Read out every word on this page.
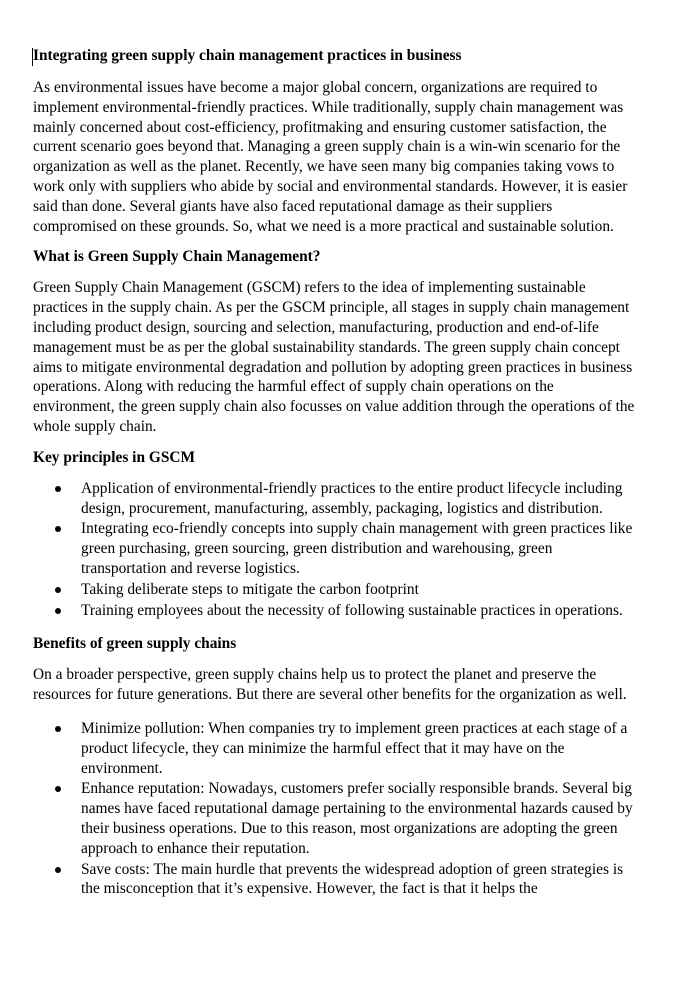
Integrating green supply chain management practices in business

As environmental issues have become a major global concern, organizations are required to implement environmental-friendly practices. While traditionally, supply chain management was mainly concerned about cost-efficiency, profitmaking and ensuring customer satisfaction, the current scenario goes beyond that. Managing a green supply chain is a win-win scenario for the organization as well as the planet. Recently, we have seen many big companies taking vows to work only with suppliers who abide by social and environmental standards. However, it is easier said than done. Several giants have also faced reputational damage as their suppliers compromised on these grounds. So, what we need is a more practical and sustainable solution.

What is Green Supply Chain Management?

Green Supply Chain Management (GSCM) refers to the idea of implementing sustainable practices in the supply chain. As per the GSCM principle, all stages in supply chain management including product design, sourcing and selection, manufacturing, production and end-of-life management must be as per the global sustainability standards. The green supply chain concept aims to mitigate environmental degradation and pollution by adopting green practices in business operations. Along with reducing the harmful effect of supply chain operations on the environment, the green supply chain also focusses on value addition through the operations of the whole supply chain.

Key principles in GSCM
Application of environmental-friendly practices to the entire product lifecycle including design, procurement, manufacturing, assembly, packaging, logistics and distribution.
Integrating eco-friendly concepts into supply chain management with green practices like green purchasing, green sourcing, green distribution and warehousing, green transportation and reverse logistics.
Taking deliberate steps to mitigate the carbon footprint
Training employees about the necessity of following sustainable practices in operations.
Benefits of green supply chains

On a broader perspective, green supply chains help us to protect the planet and preserve the resources for future generations. But there are several other benefits for the organization as well.

Minimize pollution: When companies try to implement green practices at each stage of a product lifecycle, they can minimize the harmful effect that it may have on the environment.
Enhance reputation: Nowadays, customers prefer socially responsible brands. Several big names have faced reputational damage pertaining to the environmental hazards caused by their business operations. Due to this reason, most organizations are adopting the green approach to enhance their reputation.
Save costs: The main hurdle that prevents the widespread adoption of green strategies is the misconception that it’s expensive. However, the fact is that it helps the
